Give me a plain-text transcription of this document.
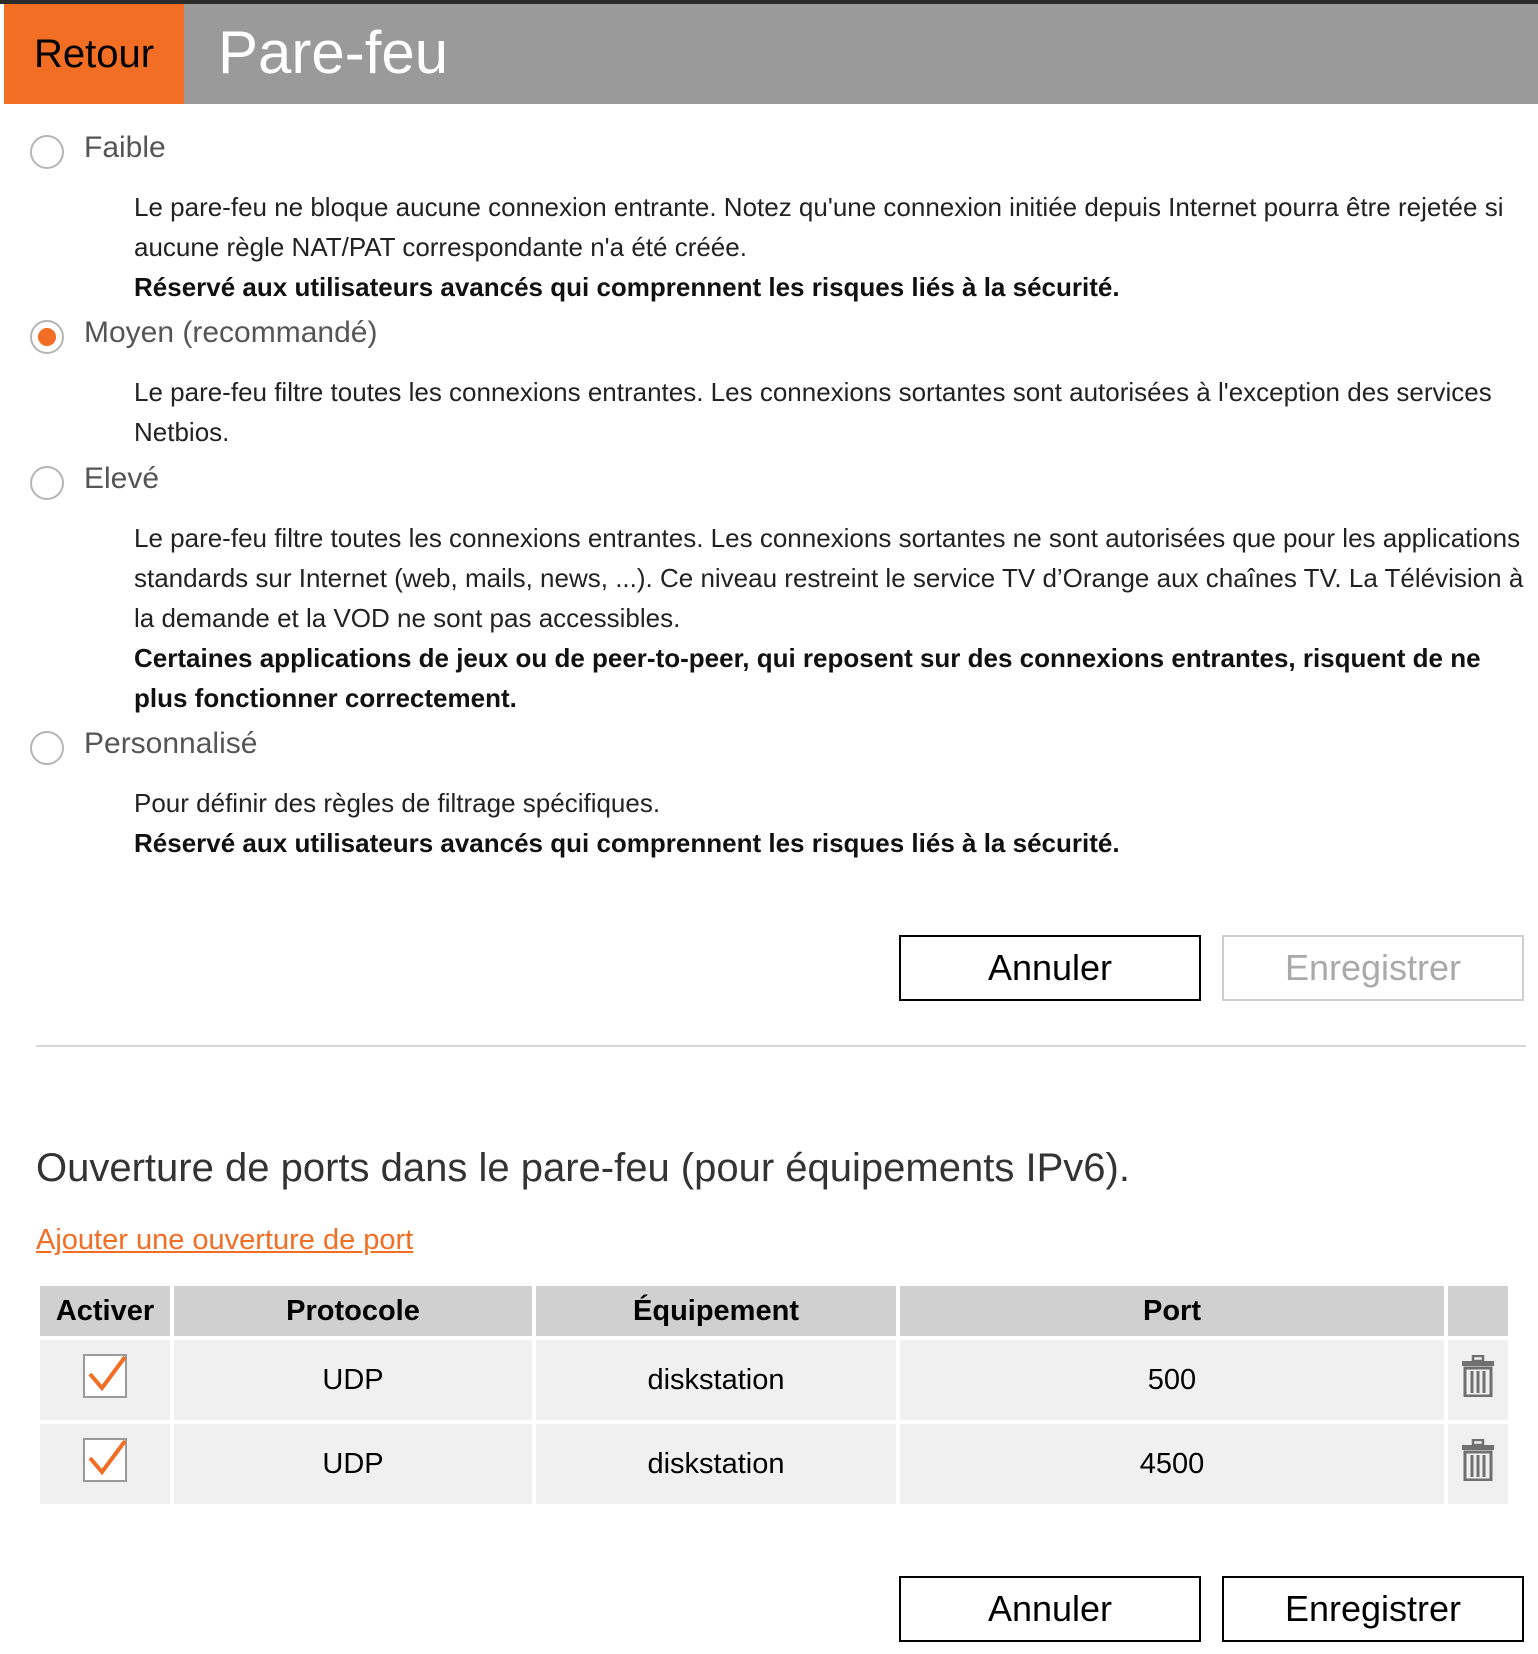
Retour	Pare-feu
Faible
Le pare-feu ne bloque aucune connexion entrante. Notez qu'une connexion initiée depuis Internet pourra être rejetée si aucune règle NAT/PAT correspondante n'a été créée.
Réservé aux utilisateurs avancés qui comprennent les risques liés à la sécurité.
Moyen (recommandé)
Le pare-feu filtre toutes les connexions entrantes. Les connexions sortantes sont autorisées à l'exception des services Netbios.
Elevé
Le pare-feu filtre toutes les connexions entrantes. Les connexions sortantes ne sont autorisées que pour les applications standards sur Internet (web, mails, news, ...). Ce niveau restreint le service TV d’Orange aux chaînes TV. La Télévision à la demande et la VOD ne sont pas accessibles.
Certaines applications de jeux ou de peer-to-peer, qui reposent sur des connexions entrantes, risquent de ne plus fonctionner correctement.
Personnalisé
Pour définir des règles de filtrage spécifiques.
Réservé aux utilisateurs avancés qui comprennent les risques liés à la sécurité.
Annuler	Enregistrer
Ouverture de ports dans le pare-feu (pour équipements IPv6).
Ajouter une ouverture de port
Activer	Protocole	Équipement	Port	

	UDP	diskstation	500	

	UDP	diskstation	4500	
Annuler	Enregistrer
